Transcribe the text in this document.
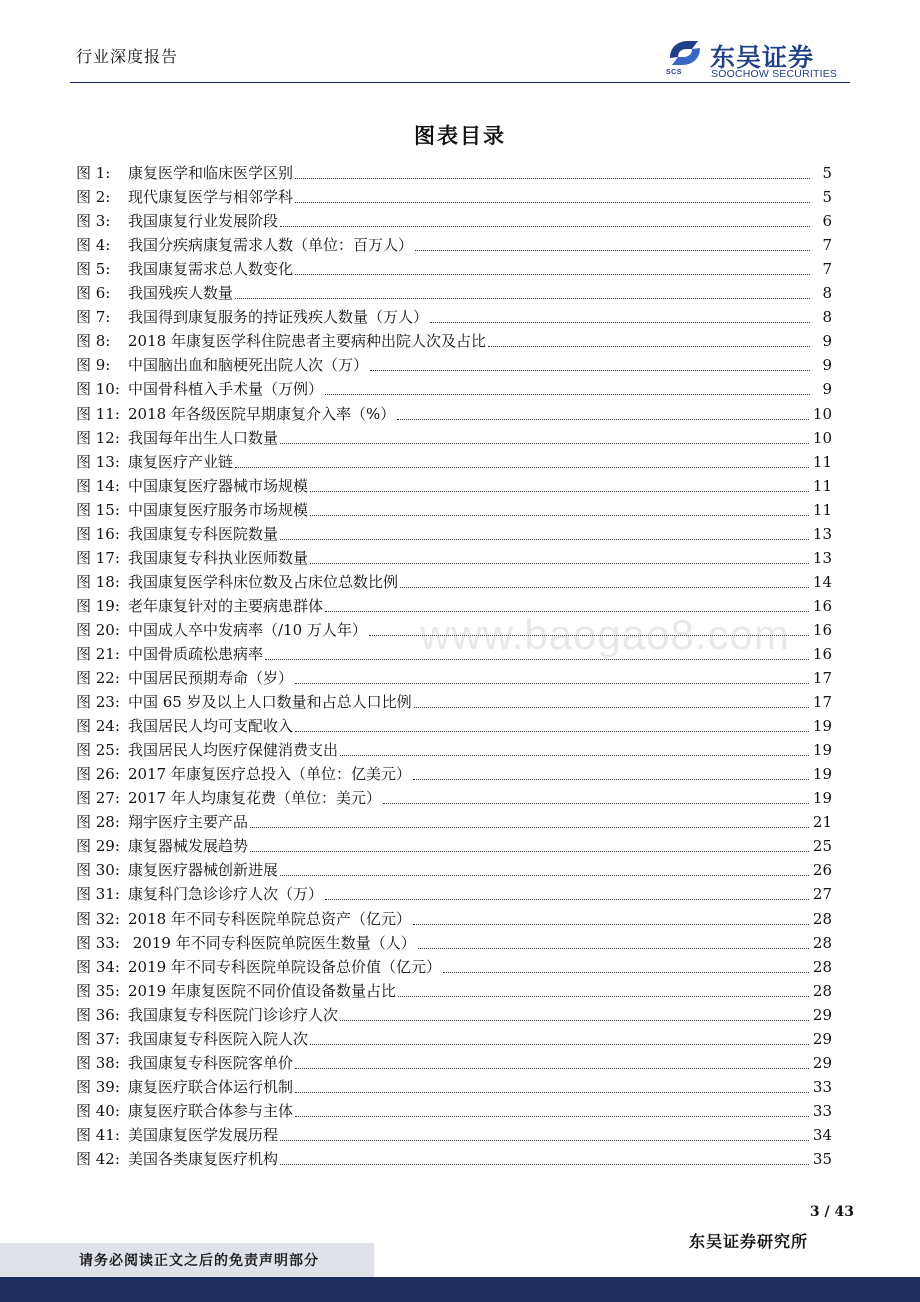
行业深度报告
SCS
东吴证券
SOOCHOW SECURITIES
图表目录
图 1: 康复医学和临床医学区别	5
图 2: 现代康复医学与相邻学科	5
图 3: 我国康复行业发展阶段	6
图 4: 我国分疾病康复需求人数（单位：百万人）	7
图 5: 我国康复需求总人数变化	7
图 6: 我国残疾人数量	8
图 7: 我国得到康复服务的持证残疾人数量（万人）	8
图 8: 2018 年康复医学科住院患者主要病种出院人次及占比	9
图 9: 中国脑出血和脑梗死出院人次（万）	9
图 10: 中国骨科植入手术量（万例）	9
图 11: 2018 年各级医院早期康复介入率（%）	10
图 12: 我国每年出生人口数量	10
图 13: 康复医疗产业链	11
图 14: 中国康复医疗器械市场规模	11
图 15: 中国康复医疗服务市场规模	11
图 16: 我国康复专科医院数量	13
图 17: 我国康复专科执业医师数量	13
图 18: 我国康复医学科床位数及占床位总数比例	14
图 19: 老年康复针对的主要病患群体	16
图 20: 中国成人卒中发病率（/10 万人年）	16
图 21: 中国骨质疏松患病率	16
图 22: 中国居民预期寿命（岁）	17
图 23: 中国 65 岁及以上人口数量和占总人口比例	17
图 24: 我国居民人均可支配收入	19
图 25: 我国居民人均医疗保健消费支出	19
图 26: 2017 年康复医疗总投入（单位：亿美元）	19
图 27: 2017 年人均康复花费（单位：美元）	19
图 28: 翔宇医疗主要产品	21
图 29: 康复器械发展趋势	25
图 30: 康复医疗器械创新进展	26
图 31: 康复科门急诊诊疗人次（万）	27
图 32: 2018 年不同专科医院单院总资产（亿元）	28
图 33: 2019 年不同专科医院单院医生数量（人）	28
图 34: 2019 年不同专科医院单院设备总价值（亿元）	28
图 35: 2019 年康复医院不同价值设备数量占比	28
图 36: 我国康复专科医院门诊诊疗人次	29
图 37: 我国康复专科医院入院人次	29
图 38: 我国康复专科医院客单价	29
图 39: 康复医疗联合体运行机制	33
图 40: 康复医疗联合体参与主体	33
图 41: 美国康复医学发展历程	34
图 42: 美国各类康复医疗机构	35
www.baogao8.com
3 / 43
东吴证券研究所
请务必阅读正文之后的免责声明部分
